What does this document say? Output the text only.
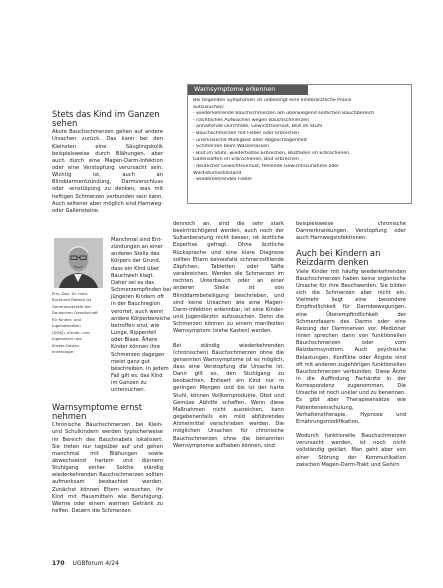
Stets das Kind im Ganzen sehen

Akute Bauchschmerzen gehen auf andere Ursachen zurück. Das kann bei den Kleinsten eine Säuglingskolik beispielsweise durch Blähungen, aber auch durch eine Magen-Darm-Infektion oder eine Verstopfung verursacht sein. Wichtig ist, auch an Blinddarmentzündung, Darmverschluss oder -einstülpung zu denken, was mit heftigen Schmerzen verbunden sein kann. Auch seltener aber möglich sind Harnweg- oder Gallensteine.

Manchmal sind Ent-
zündungen an einer
anderen Stelle des
Körpers der Grund,
dass ein Kind über
Bauchweh klagt.
Daher sei es das
Schmerzempfinden bei
jüngeren Kindern oft
in der Bauchregion
verortet, auch wenn
andere Körperbereiche
betroffen sind, wie
Lunge, Rippenfell
oder Blase. Ältere
Kinder können ihre
Schmerzen dagegen
meist ganz gut
beschreiben. In jedem
Fall gilt es, das Kind
im Ganzen zu
untersuchen.
Priv.-Doz. Dr. med.
Burkhard Rodeck ist
Generalsekretär der
Deutschen Gesellschaft
für Kinder- und
Jugendmedizin
(DGKJ), Kinder- und
Jugendarzt und
Kinder-Gastro-
enterologe.
Warnsymptome ernst nehmen

Chronische Bauchschmerzen bei Klein- und Schulkindern werden typischerweise im Bereich des Bauchnabels lokalisiert. Sie treten nur tagsüber auf und gehen manchmal mit Blähungen sowie abwechselnd hartem und dünnem Stuhlgang einher. Solche ständig wiederkehrenden Bauchschmerzen sollten aufmerksam beobachtet werden. Zunächst können Eltern versuchen, ihr Kind mit Hausmitteln wie Beruhigung, Wärme oder einem warmen Getränk zu helfen. Dauern die Schmerzen

Warnsymptome erkennen
Bei folgenden Symptomen ist unbedingt eine kinderärztliche Praxis
aufzusuchen:
- wiederkehrende Bauchschmerzen am überwiegend seitlichen Bauchbereich
- nächtliches Aufwachen wegen Bauchschmerzen
- anhaltende Durchfälle, Gewichtsverlust, Blut im Stuhl
- Bauchschmerzen mit Fieber oder Erbrechen
- unerklärliche Müdigkeit oder Abgeschlagenheit
- Schmerzen beim Wasserlassen
- Blut im Stuhl, wiederholtes Erbrechen, Blutfäden im Erbrochenen,
Gallensäften im Erbrochenen, Blut erbrechen
- deutlicher Gewichtsverlust, fehlende Gewichtszunahme oder
Wachstumsstillstand
- wiederkehrendes Fieber

dennoch an, sind die sehr stark beeinträchtigend werden, auch noch der Sultanberatung nicht besser, ist ärztliche Expertise gefragt. Ohne ärztliche Rücksprache und eine klare Diagnose sollten Eltern keinesfalls schmerzstillende Zäpfchen, Tabletten oder Säfte verabreichen. Werden die Schmerzen im rechten Unterbauch oder an einer anderen Stelle ist von Blinddarmbeteiligung beschrieben, und sind keine Ursachen wie eine Magen-Darm-Infektion erkennbar, ist eine Kinder- und Jugendärztin aufzusuchen. Denn die Schmerzen können zu einem manifesten Warnsymptom (siehe Kasten) werden.

Bei ständig wiederkehrenden (chronischen) Bauchschmerzen ohne die genannten Warnsymptome ist es möglich, dass eine Verstopfung die Ursache ist. Dann gilt es, den Stuhlgang zu beobachten. Entleert ein Kind nur in geringen Mengen und bis ist der harte Stuhl, können Vollkornprodukte, Obst und Gemüse Abhilfe schaffen. Wenn diese Maßnahmen nicht ausreichen, kann gegebenenfalls ein mild abführendes Arzneimittel verschrieben werden. Die möglichen Ursachen für chronische Bauchschmerzen ohne die benannten Warnsymptome aufheben können, sind

beispielsweise chronische Darmerkrankungen, Verstopfung oder auch Harnwegsinfektionen.

Auch bei Kindern an Reizdarm denken

Viele Kinder mit häufig wiederkehrenden Bauchschmerzen haben keine organische Ursache für ihre Beschwerden. Sie bilden sich die Schmerzen aber nicht ein. Vielmehr liegt eine besondere Empfindlichkeit für Darmbewegungen, eine Überempfindlichkeit der Schmerzfasern des Darms oder eine Reizung der Darmnerven vor. Mediziner innen sprechen dann von funktionellen Bauchschmerzen oder vom Reizdarmsyndrom. Auch psychische Belastungen, Konflikte oder Ängste sind oft mit anderen zugehörigen funktionellen Bauchschmerzen verbunden. Diese Ärzte in die Auffindung Fachärzte in der Korrespondenz zugenommen. Die Ursache ist noch unklar und zu benennen. Es gibt aber Therapieansätze wie Patienteneinschulung, Verhaltenstherapie, Hypnose und Ernährungsmodifikation.

Wodurch funktionelle Bauchschmerzen verursacht werden, ist noch nicht vollständig geklärt. Man geht aber von einer Störung der Kommunikation zwischen Magen-Darm-Trakt und Gehirn

170 UGBforum 4/24
